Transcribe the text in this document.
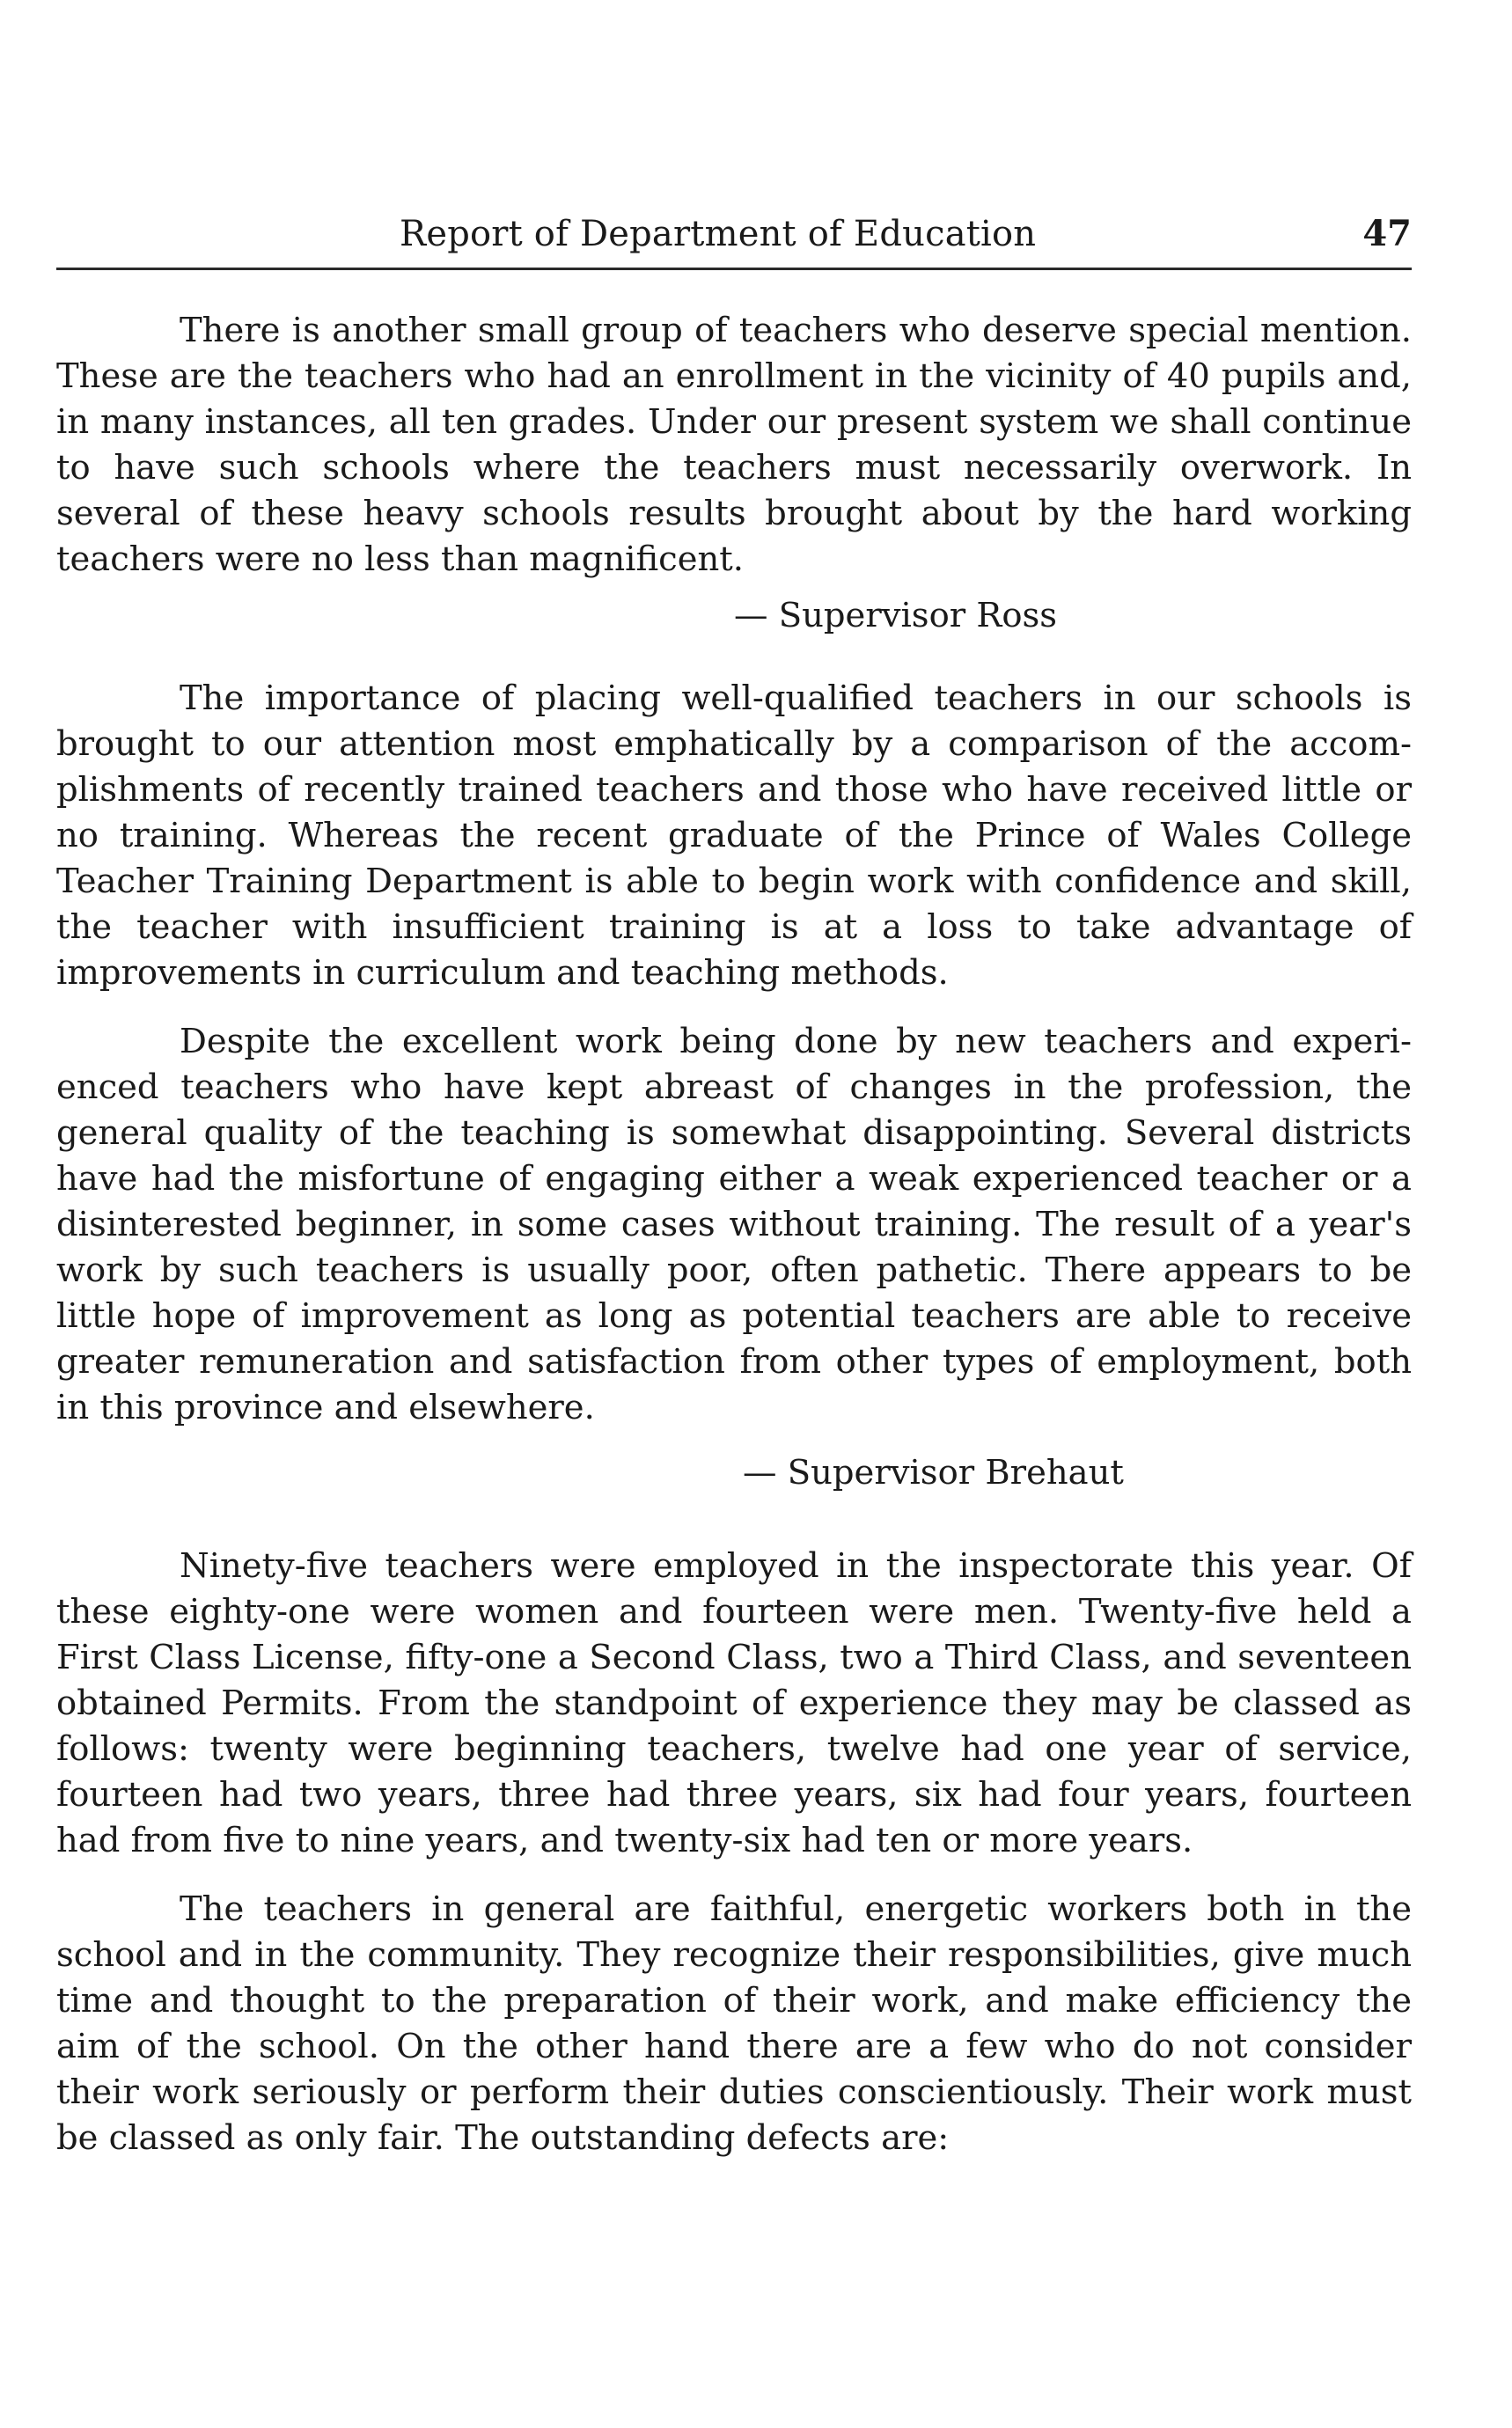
Report of Department of Education	47

There is another small group of teachers who deserve special mention. These are the teachers who had an enrollment in the vicinity of 40 pupils and, in many instances, all ten grades. Under our present system we shall continue to have such schools where the teachers must necessarily overwork. In several of these heavy schools results brought about by the hard working teachers were no less than magnificent.

— Supervisor Ross

The importance of placing well-qualified teachers in our schools is brought to our attention most emphatically by a comparison of the accomplishments of recently trained teachers and those who have received little or no training. Whereas the recent graduate of the Prince of Wales College Teacher Training Department is able to begin work with confidence and skill, the teacher with insufficient training is at a loss to take advantage of improvements in curriculum and teaching methods.

Despite the excellent work being done by new teachers and experienced teachers who have kept abreast of changes in the profession, the general quality of the teaching is somewhat disappointing. Several districts have had the misfortune of engaging either a weak experienced teacher or a disinterested beginner, in some cases without training. The result of a year's work by such teachers is usually poor, often pathetic. There appears to be little hope of improvement as long as potential teachers are able to receive greater remuneration and satisfaction from other types of employment, both in this province and elsewhere.

— Supervisor Brehaut

Ninety-five teachers were employed in the inspectorate this year. Of these eighty-one were women and fourteen were men. Twenty-five held a First Class License, fifty-one a Second Class, two a Third Class, and seventeen obtained Permits. From the standpoint of experience they may be classed as follows: twenty were beginning teachers, twelve had one year of service, fourteen had two years, three had three years, six had four years, fourteen had from five to nine years, and twenty-six had ten or more years.

The teachers in general are faithful, energetic workers both in the school and in the community. They recognize their responsibilities, give much time and thought to the preparation of their work, and make efficiency the aim of the school. On the other hand there are a few who do not consider their work seriously or perform their duties conscientiously. Their work must be classed as only fair. The outstanding defects are:
